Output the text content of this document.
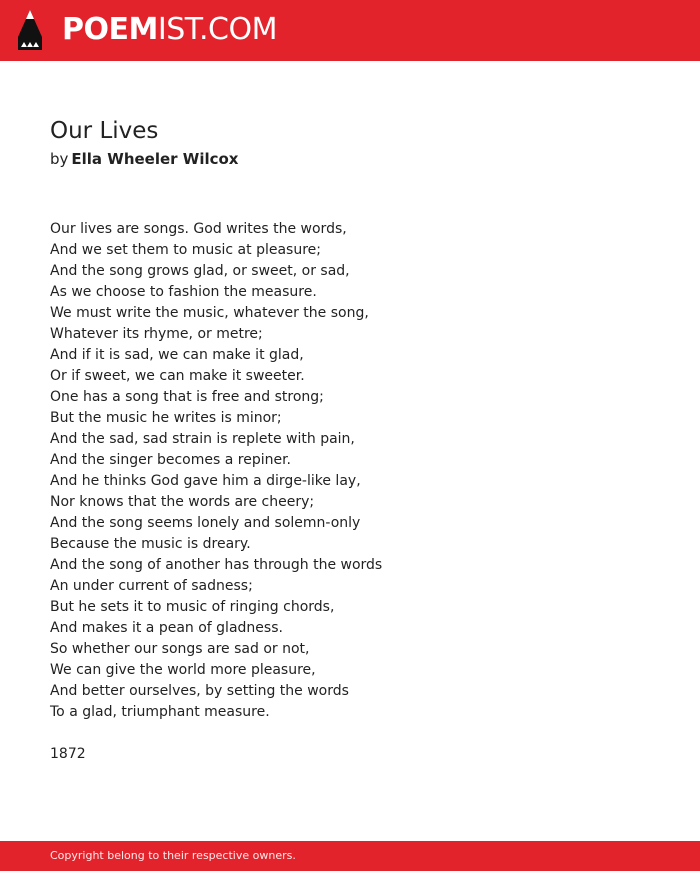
POEMIST.COM
Our Lives
by Ella Wheeler Wilcox
Our lives are songs. God writes the words,
And we set them to music at pleasure;
And the song grows glad, or sweet, or sad,
As we choose to fashion the measure.
We must write the music, whatever the song,
Whatever its rhyme, or metre;
And if it is sad, we can make it glad,
Or if sweet, we can make it sweeter.
One has a song that is free and strong;
But the music he writes is minor;
And the sad, sad strain is replete with pain,
And the singer becomes a repiner.
And he thinks God gave him a dirge-like lay,
Nor knows that the words are cheery;
And the song seems lonely and solemn-only
Because the music is dreary.
And the song of another has through the words
An under current of sadness;
But he sets it to music of ringing chords,
And makes it a pean of gladness.
So whether our songs are sad or not,
We can give the world more pleasure,
And better ourselves, by setting the words
To a glad, triumphant measure.
1872
Copyright belong to their respective owners.
